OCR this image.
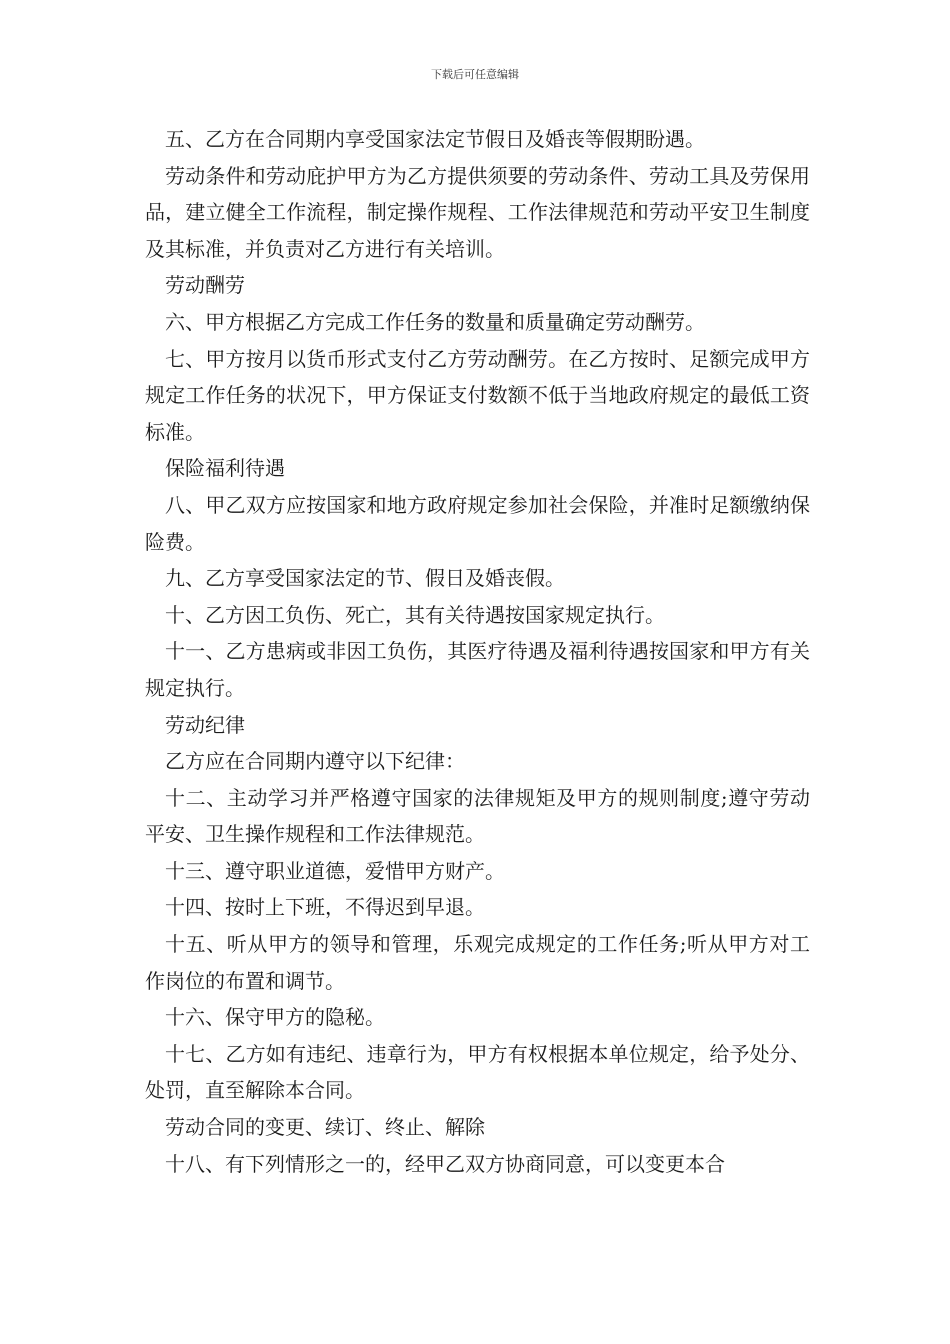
下载后可任意编辑

五、乙方在合同期内享受国家法定节假日及婚丧等假期盼遇。

劳动条件和劳动庇护甲方为乙方提供须要的劳动条件、劳动工具及劳保用品，建立健全工作流程，制定操作规程、工作法律规范和劳动平安卫生制度及其标准，并负责对乙方进行有关培训。

劳动酬劳

六、甲方根据乙方完成工作任务的数量和质量确定劳动酬劳。

七、甲方按月以货币形式支付乙方劳动酬劳。在乙方按时、足额完成甲方规定工作任务的状况下，甲方保证支付数额不低于当地政府规定的最低工资标准。

保险福利待遇

八、甲乙双方应按国家和地方政府规定参加社会保险，并准时足额缴纳保险费。

九、乙方享受国家法定的节、假日及婚丧假。

十、乙方因工负伤、死亡，其有关待遇按国家规定执行。

十一、乙方患病或非因工负伤，其医疗待遇及福利待遇按国家和甲方有关规定执行。

劳动纪律

乙方应在合同期内遵守以下纪律：

十二、主动学习并严格遵守国家的法律规矩及甲方的规则制度;遵守劳动平安、卫生操作规程和工作法律规范。

十三、遵守职业道德，爱惜甲方财产。

十四、按时上下班，不得迟到早退。

十五、听从甲方的领导和管理，乐观完成规定的工作任务;听从甲方对工作岗位的布置和调节。

十六、保守甲方的隐秘。

十七、乙方如有违纪、违章行为，甲方有权根据本单位规定，给予处分、处罚，直至解除本合同。

劳动合同的变更、续订、终止、解除

十八、有下列情形之一的，经甲乙双方协商同意，可以变更本合
